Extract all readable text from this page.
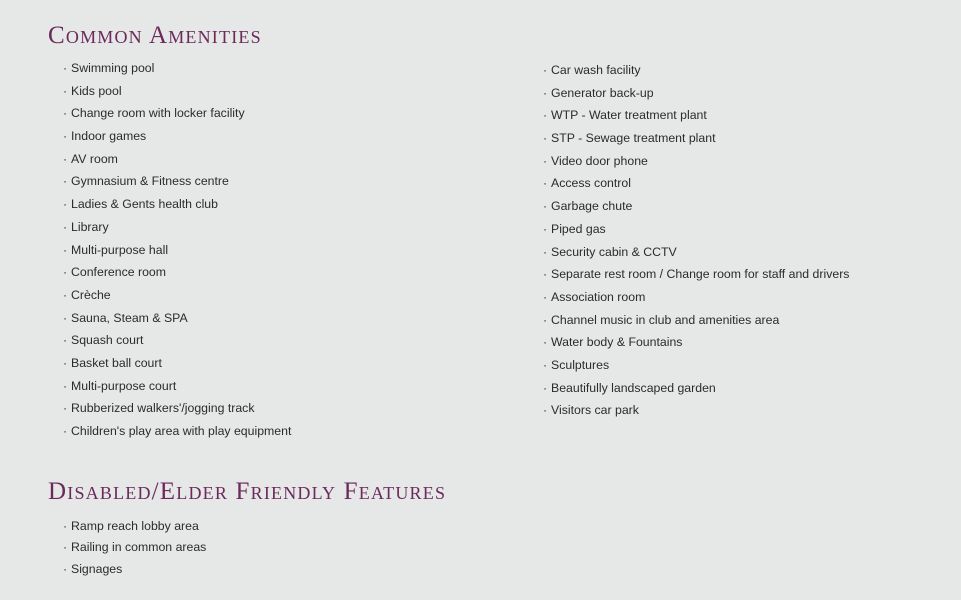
Common Amenities
· Swimming pool
· Kids pool
· Change room with locker facility
· Indoor games
· AV room
· Gymnasium & Fitness centre
· Ladies & Gents health club
· Library
· Multi-purpose hall
· Conference room
· Crèche
· Sauna, Steam & SPA
· Squash court
· Basket ball court
· Multi-purpose court
· Rubberized walkers'/jogging track
· Children's play area with play equipment
· Car wash facility
· Generator back-up
· WTP - Water treatment plant
· STP - Sewage treatment plant
· Video door phone
· Access control
· Garbage chute
· Piped gas
· Security cabin & CCTV
· Separate rest room / Change room for staff and drivers
· Association room
· Channel music in club and amenities area
· Water body & Fountains
· Sculptures
· Beautifully landscaped garden
· Visitors car park
Disabled/Elder Friendly Features
· Ramp reach lobby area
· Railing in common areas
· Signages
